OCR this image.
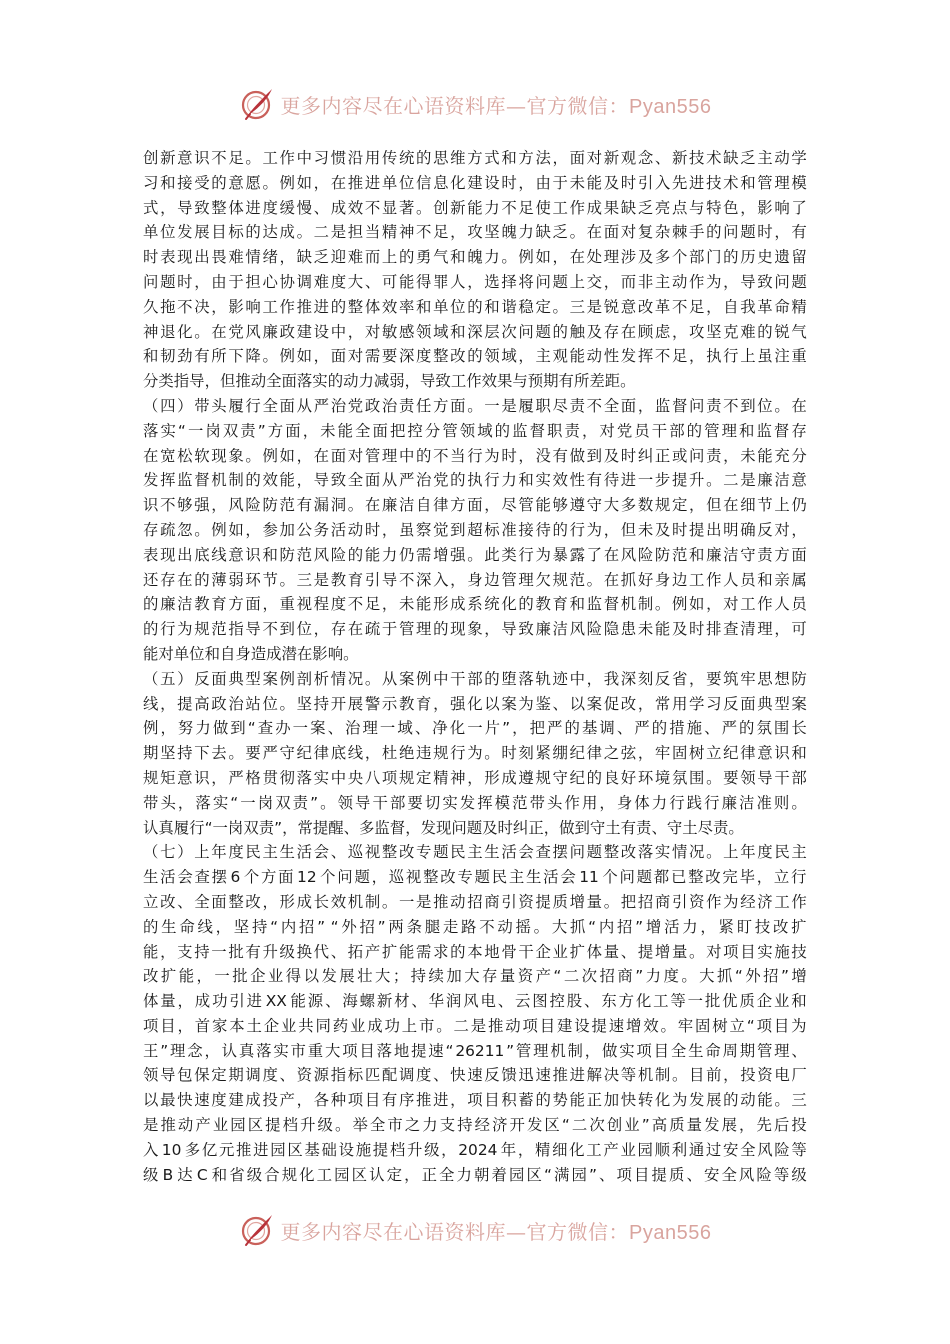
更多内容尽在心语资料库—官方微信：Pyan556
创 新 意 识 不 足 。 工 作 中 习 惯 沿 用 传 统 的 思 维 方 式 和 方 法 ， 面 对 新 观 念 、 新 技 术 缺 乏 主 动 学
习 和 接 受 的 意 愿 。 例 如 ， 在 推 进 单 位 信 息 化 建 设 时 ， 由 于 未 能 及 时 引 入 先 进 技 术 和 管 理 模
式 ， 导 致 整 体 进 度 缓 慢 、 成 效 不 显 著 。 创 新 能 力 不 足 使 工 作 成 果 缺 乏 亮 点 与 特 色 ， 影 响 了
单 位 发 展 目 标 的 达 成 。 二 是 担 当 精 神 不 足 ， 攻 坚 魄 力 缺 乏 。 在 面 对 复 杂 棘 手 的 问 题 时 ， 有
时 表 现 出 畏 难 情 绪 ， 缺 乏 迎 难 而 上 的 勇 气 和 魄 力 。 例 如 ， 在 处 理 涉 及 多 个 部 门 的 历 史 遗 留
问 题 时 ， 由 于 担 心 协 调 难 度 大 、 可 能 得 罪 人 ， 选 择 将 问 题 上 交 ， 而 非 主 动 作 为 ， 导 致 问 题
久 拖 不 决 ， 影 响 工 作 推 进 的 整 体 效 率 和 单 位 的 和 谐 稳 定 。 三 是 锐 意 改 革 不 足 ， 自 我 革 命 精
神 退 化 。 在 党 风 廉 政 建 设 中 ， 对 敏 感 领 域 和 深 层 次 问 题 的 触 及 存 在 顾 虑 ， 攻 坚 克 难 的 锐 气
和 韧 劲 有 所 下 降 。 例 如 ， 面 对 需 要 深 度 整 改 的 领 域 ， 主 观 能 动 性 发 挥 不 足 ， 执 行 上 虽 注 重
分类指导，但推动全面落实的动力减弱，导致工作效果与预期有所差距。
（ 四 ） 带 头 履 行 全 面 从 严 治 党 政 治 责 任 方 面 。 一 是 履 职 尽 责 不 全 面 ， 监 督 问 责 不 到 位 。 在
落 实 “ 一 岗 双 责 ” 方 面 ， 未 能 全 面 把 控 分 管 领 域 的 监 督 职 责 ， 对 党 员 干 部 的 管 理 和 监 督 存
在 宽 松 软 现 象 。 例 如 ， 在 面 对 管 理 中 的 不 当 行 为 时 ， 没 有 做 到 及 时 纠 正 或 问 责 ， 未 能 充 分
发 挥 监 督 机 制 的 效 能 ， 导 致 全 面 从 严 治 党 的 执 行 力 和 实 效 性 有 待 进 一 步 提 升 。 二 是 廉 洁 意
识 不 够 强 ， 风 险 防 范 有 漏 洞 。 在 廉 洁 自 律 方 面 ， 尽 管 能 够 遵 守 大 多 数 规 定 ， 但 在 细 节 上 仍
存 疏 忽 。 例 如 ， 参 加 公 务 活 动 时 ， 虽 察 觉 到 超 标 准 接 待 的 行 为 ， 但 未 及 时 提 出 明 确 反 对 ，
表 现 出 底 线 意 识 和 防 范 风 险 的 能 力 仍 需 增 强 。 此 类 行 为 暴 露 了 在 风 险 防 范 和 廉 洁 守 责 方 面
还 存 在 的 薄 弱 环 节 。 三 是 教 育 引 导 不 深 入 ， 身 边 管 理 欠 规 范 。 在 抓 好 身 边 工 作 人 员 和 亲 属
的 廉 洁 教 育 方 面 ， 重 视 程 度 不 足 ， 未 能 形 成 系 统 化 的 教 育 和 监 督 机 制 。 例 如 ， 对 工 作 人 员
的 行 为 规 范 指 导 不 到 位 ， 存 在 疏 于 管 理 的 现 象 ， 导 致 廉 洁 风 险 隐 患 未 能 及 时 排 查 清 理 ， 可
能对单位和自身造成潜在影响。
（ 五 ） 反 面 典 型 案 例 剖 析 情 况 。 从 案 例 中 干 部 的 堕 落 轨 迹 中 ， 我 深 刻 反 省 ， 要 筑 牢 思 想 防
线 ， 提 高 政 治 站 位 。 坚 持 开 展 警 示 教 育 ， 强 化 以 案 为 鉴 、 以 案 促 改 ， 常 用 学 习 反 面 典 型 案
例 ， 努 力 做 到 “ 查 办 一 案 、 治 理 一 域 、 净 化 一 片 ” ， 把 严 的 基 调 、 严 的 措 施 、 严 的 氛 围 长
期 坚 持 下 去 。 要 严 守 纪 律 底 线 ， 杜 绝 违 规 行 为 。 时 刻 紧 绷 纪 律 之 弦 ， 牢 固 树 立 纪 律 意 识 和
规 矩 意 识 ， 严 格 贯 彻 落 实 中 央 八 项 规 定 精 神 ， 形 成 遵 规 守 纪 的 良 好 环 境 氛 围 。 要 领 导 干 部
带 头 ， 落 实 “ 一 岗 双 责 ” 。 领 导 干 部 要 切 实 发 挥 模 范 带 头 作 用 ， 身 体 力 行 践 行 廉 洁 准 则 。
认真履行“一岗双责”，常提醒、多监督，发现问题及时纠正，做到守土有责、守土尽责。
（ 七 ） 上 年 度 民 主 生 活 会 、 巡 视 整 改 专 题 民 主 生 活 会 查 摆 问 题 整 改 落 实 情 况 。 上 年 度 民 主
生 活 会 查 摆 6 个 方 面 12 个 问 题 ， 巡 视 整 改 专 题 民 主 生 活 会 11 个 问 题 都 已 整 改 完 毕 ， 立 行
立 改 、 全 面 整 改 ， 形 成 长 效 机 制 。 一 是 推 动 招 商 引 资 提 质 增 量 。 把 招 商 引 资 作 为 经 济 工 作
的 生 命 线 ， 坚 持 “ 内 招 ” “ 外 招 ” 两 条 腿 走 路 不 动 摇 。 大 抓 “ 内 招 ” 增 活 力 ， 紧 盯 技 改 扩
能 ， 支 持 一 批 有 升 级 换 代 、 拓 产 扩 能 需 求 的 本 地 骨 干 企 业 扩 体 量 、 提 增 量 。 对 项 目 实 施 技
改 扩 能 ， 一 批 企 业 得 以 发 展 壮 大 ； 持 续 加 大 存 量 资 产 “ 二 次 招 商 ” 力 度 。 大 抓 “ 外 招 ” 增
体 量 ， 成 功 引 进 XX 能 源 、 海 螺 新 材 、 华 润 风 电 、 云 图 控 股 、 东 方 化 工 等 一 批 优 质 企 业 和
项 目 ， 首 家 本 土 企 业 共 同 药 业 成 功 上 市 。 二 是 推 动 项 目 建 设 提 速 增 效 。 牢 固 树 立 “ 项 目 为
王 ” 理 念 ， 认 真 落 实 市 重 大 项 目 落 地 提 速 “ 26211 ” 管 理 机 制 ， 做 实 项 目 全 生 命 周 期 管 理 、
领 导 包 保 定 期 调 度 、 资 源 指 标 匹 配 调 度 、 快 速 反 馈 迅 速 推 进 解 决 等 机 制 。 目 前 ， 投 资 电 厂
以 最 快 速 度 建 成 投 产 ， 各 种 项 目 有 序 推 进 ， 项 目 积 蓄 的 势 能 正 加 快 转 化 为 发 展 的 动 能 。 三
是 推 动 产 业 园 区 提 档 升 级 。 举 全 市 之 力 支 持 经 济 开 发 区 “ 二 次 创 业 ” 高 质 量 发 展 ， 先 后 投
入 10 多 亿 元 推 进 园 区 基 础 设 施 提 档 升 级 ， 2024 年 ， 精 细 化 工 产 业 园 顺 利 通 过 安 全 风 险 等
级 B 达 C 和 省 级 合 规 化 工 园 区 认 定 ， 正 全 力 朝 着 园 区 “ 满 园 ” 、 项 目 提 质 、 安 全 风 险 等 级
更多内容尽在心语资料库—官方微信：Pyan556
